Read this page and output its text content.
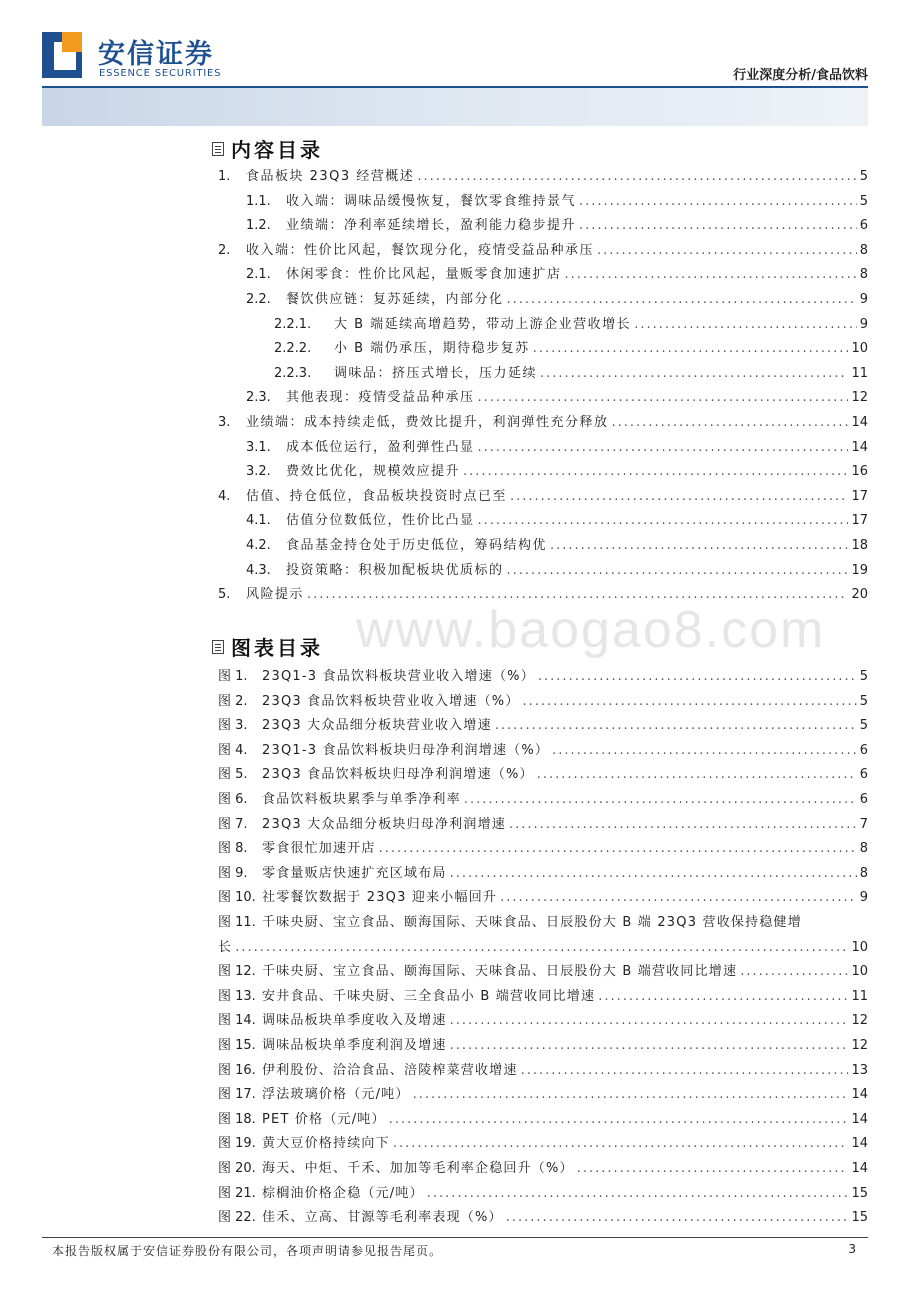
安信证券
ESSENCE SECURITIES	行业深度分析/食品饮料
内容目录
图表目录 www.baogao8.com
本报告版权属于安信证券股份有限公司，各项声明请参见报告尾页。	3
1.	食品板块 23Q3 经营概述 .....	5
1.1.	收入端：调味品缓慢恢复，餐饮零食维持景气 .....	5
1.2.	业绩端：净利率延续增长，盈利能力稳步提升 .....	6
2.	收入端：性价比风起，餐饮现分化，疫情受益品种承压 .....	8
2.1.	休闲零食：性价比风起，量贩零食加速扩店 .....	8
2.2.	餐饮供应链：复苏延续，内部分化 .....	9
2.2.1.	大 B 端延续高增趋势，带动上游企业营收增长 .....	9
2.2.2.	小 B 端仍承压，期待稳步复苏 .....	10
2.2.3.	调味品：挤压式增长，压力延续 .....	11
2.3.	其他表现：疫情受益品种承压 .....	12
3.	业绩端：成本持续走低，费效比提升，利润弹性充分释放 .....	14
3.1.	成本低位运行，盈利弹性凸显 .....	14
3.2.	费效比优化，规模效应提升 .....	16
4.	估值、持仓低位，食品板块投资时点已至 .....	17
4.1.	估值分位数低位，性价比凸显 .....	17
4.2.	食品基金持仓处于历史低位，筹码结构优 .....	18
4.3.	投资策略：积极加配板块优质标的 .....	19
5.	风险提示 .....	20
图 1.	23Q1-3 食品饮料板块营业收入增速（%） .....	5
图 2.	23Q3 食品饮料板块营业收入增速（%） .....	5
图 3.	23Q3 大众品细分板块营业收入增速 .....	5
图 4.	23Q1-3 食品饮料板块归母净利润增速（%） .....	6
图 5.	23Q3 食品饮料板块归母净利润增速（%） .....	6
图 6.	食品饮料板块累季与单季净利率 .....	6
图 7.	23Q3 大众品细分板块归母净利润增速 .....	7
图 8.	零食很忙加速开店 .....	8
图 9.	零食量贩店快速扩充区域布局 .....	8
图 10. 社零餐饮数据于 23Q3 迎来小幅回升 .....	9
图 11. 千味央厨、宝立食品、颐海国际、天味食品、日辰股份大 B 端 23Q3 营收保持稳健增
长 .....	10
图 12. 千味央厨、宝立食品、颐海国际、天味食品、日辰股份大 B 端营收同比增速 .....	10
图 13. 安井食品、千味央厨、三全食品小 B 端营收同比增速 .....	11
图 14. 调味品板块单季度收入及增速 .....	12
图 15. 调味品板块单季度利润及增速 .....	12
图 16. 伊利股份、洽洽食品、涪陵榨菜营收增速 .....	13
图 17. 浮法玻璃价格（元/吨） .....	14
图 18. PET 价格（元/吨） .....	14
图 19. 黄大豆价格持续向下 .....	14
图 20. 海天、中炬、千禾、加加等毛利率企稳回升（%） .....	14
图 21. 棕榈油价格企稳（元/吨） .....	15
图 22. 佳禾、立高、甘源等毛利率表现（%） .....	15
